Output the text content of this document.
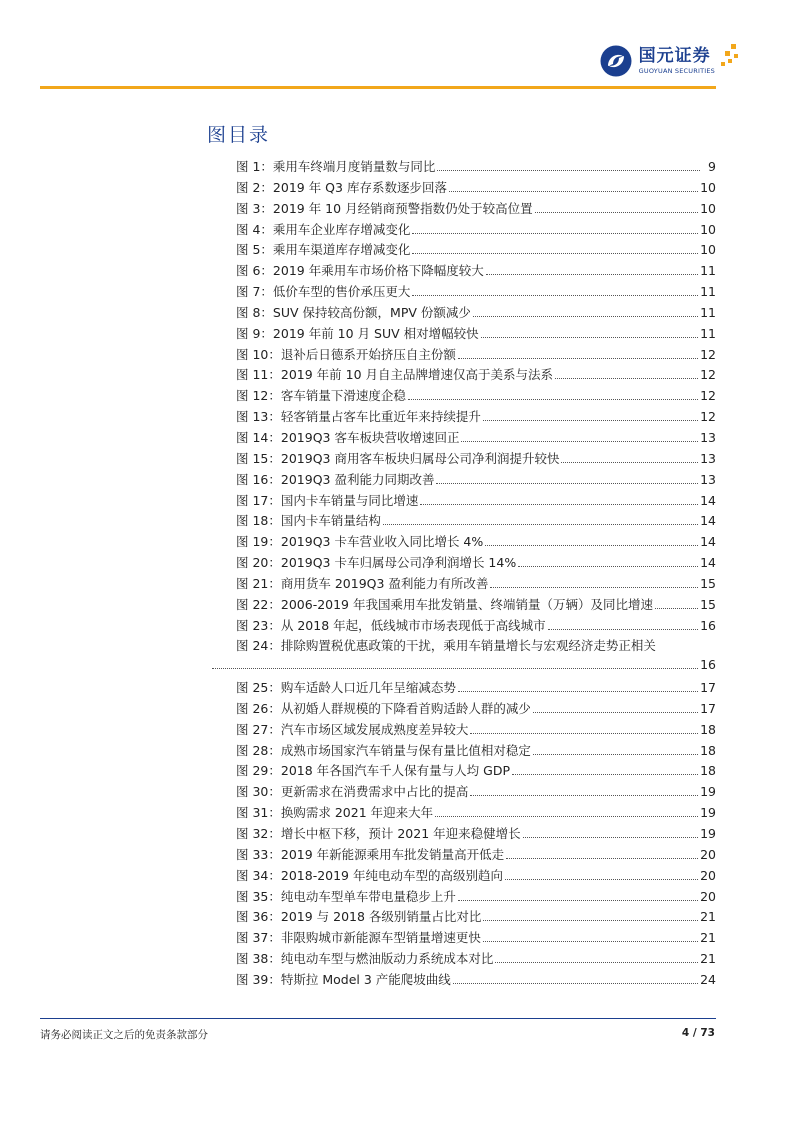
国元证券
GUOYUAN SECURITIES
图目录
图 1：乘用车终端月度销量数与同比	9
图 2：2019 年 Q3 库存系数逐步回落	10
图 3：2019 年 10 月经销商预警指数仍处于较高位置	10
图 4：乘用车企业库存增减变化	10
图 5：乘用车渠道库存增减变化	10
图 6：2019 年乘用车市场价格下降幅度较大	11
图 7：低价车型的售价承压更大	11
图 8：SUV 保持较高份额，MPV 份额减少	11
图 9：2019 年前 10 月 SUV 相对增幅较快	11
图 10：退补后日德系开始挤压自主份额	12
图 11：2019 年前 10 月自主品牌增速仅高于美系与法系	12
图 12：客车销量下滑速度企稳	12
图 13：轻客销量占客车比重近年来持续提升	12
图 14：2019Q3 客车板块营收增速回正	13
图 15：2019Q3 商用客车板块归属母公司净利润提升较快	13
图 16：2019Q3 盈利能力同期改善	13
图 17：国内卡车销量与同比增速	14
图 18：国内卡车销量结构	14
图 19：2019Q3 卡车营业收入同比增长 4%	14
图 20：2019Q3 卡车归属母公司净利润增长 14%	14
图 21：商用货车 2019Q3 盈利能力有所改善	15
图 22：2006-2019 年我国乘用车批发销量、终端销量（万辆）及同比增速	15
图 23：从 2018 年起，低线城市市场表现低于高线城市	16
图 24：排除购置税优惠政策的干扰，乘用车销量增长与宏观经济走势正相关
16
图 25：购车适龄人口近几年呈缩减态势	17
图 26：从初婚人群规模的下降看首购适龄人群的减少	17
图 27：汽车市场区域发展成熟度差异较大	18
图 28：成熟市场国家汽车销量与保有量比值相对稳定	18
图 29：2018 年各国汽车千人保有量与人均 GDP	18
图 30：更新需求在消费需求中占比的提高	19
图 31：换购需求 2021 年迎来大年	19
图 32：增长中枢下移，预计 2021 年迎来稳健增长	19
图 33：2019 年新能源乘用车批发销量高开低走	20
图 34：2018-2019 年纯电动车型的高级别趋向	20
图 35：纯电动车型单车带电量稳步上升	20
图 36：2019 与 2018 各级别销量占比对比	21
图 37：非限购城市新能源车型销量增速更快	21
图 38：纯电动车型与燃油版动力系统成本对比	21
图 39：特斯拉 Model 3 产能爬坡曲线	24
请务必阅读正文之后的免责条款部分	4 / 73
